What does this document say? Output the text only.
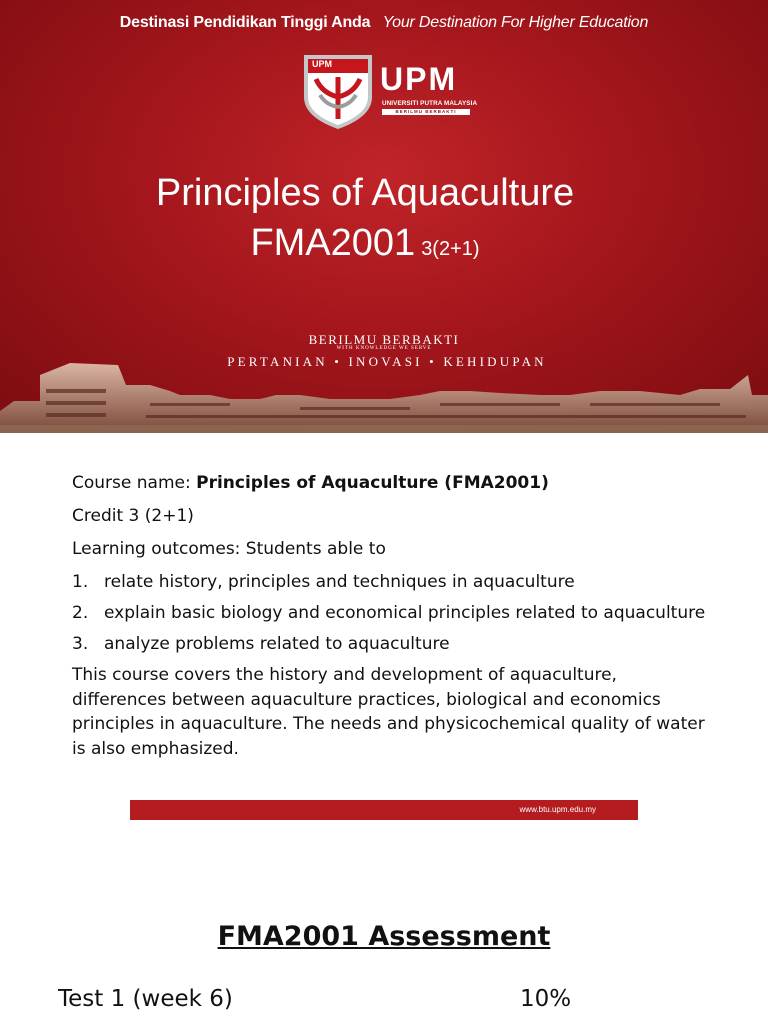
Destinasi Pendidikan Tinggi Anda Your Destination For Higher Education
UPM UPM
UNIVERSITI PUTRA MALAYSIA
BERILMU BERBAKTI
Principles of Aquaculture
FMA2001 3(2+1)
BERILMU BERBAKTI
WITH KNOWLEDGE WE SERVE
PERTANIAN • INOVASI • KEHIDUPAN
Course name: Principles of Aquaculture (FMA2001)
Credit 3 (2+1)
Learning outcomes: Students able to
1. relate history, principles and techniques in aquaculture
2. explain basic biology and economical principles related to aquaculture
3. analyze problems related to aquaculture
This course covers the history and development of aquaculture, differences between aquaculture practices, biological and economics principles in aquaculture. The needs and physicochemical quality of water is also emphasized.
www.btu.upm.edu.my
FMA2001 Assessment
Test 1 (week 6)	10%
